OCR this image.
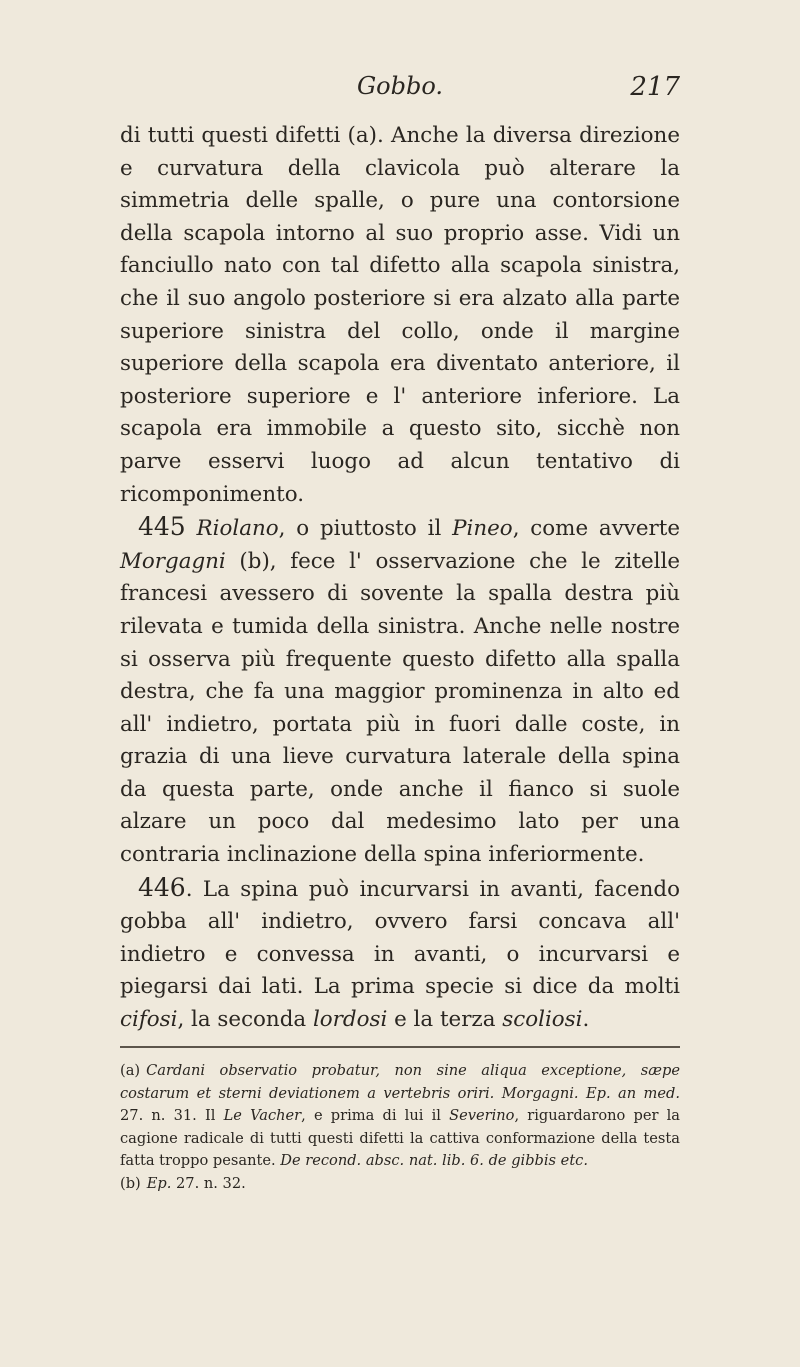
Gobbo.	217

di tutti questi difetti (a). Anche la diversa direzione e curvatura della clavicola può alterare la simmetria delle spalle, o pure una contorsione della scapola intorno al suo proprio asse. Vidi un fanciullo nato con tal difetto alla scapola sinistra, che il suo angolo posteriore si era alzato alla parte superiore sinistra del collo, onde il margine superiore della scapola era diventato anteriore, il posteriore superiore e l' anteriore inferiore. La scapola era immobile a questo sito, sicchè non parve esservi luogo ad alcun tentativo di ricomponimento.

445 Riolano, o piuttosto il Pineo, come avverte Morgagni (b), fece l' osservazione che le zitelle francesi avessero di sovente la spalla destra più rilevata e tumida della sinistra. Anche nelle nostre si osserva più frequente questo difetto alla spalla destra, che fa una maggior prominenza in alto ed all' indietro, portata più in fuori dalle coste, in grazia di una lieve curvatura laterale della spina da questa parte, onde anche il fianco si suole alzare un poco dal medesimo lato per una contraria inclinazione della spina inferiormente.

446. La spina può incurvarsi in avanti, facendo gobba all' indietro, ovvero farsi concava all' indietro e convessa in avanti, o incurvarsi e piegarsi dai lati. La prima specie si dice da molti cifosi, la seconda lordosi e la terza scoliosi.

(a) Cardani observatio probatur, non sine aliqua exceptione, sæpe costarum et sterni deviationem a vertebris oriri. Morgagni. Ep. an med. 27. n. 31. Il Le Vacher, e prima di lui il Severino, riguardarono per la cagione radicale di tutti questi difetti la cattiva conformazione della testa fatta troppo pesante. De recond. absc. nat. lib. 6. de gibbis etc.

(b) Ep. 27. n. 32.
